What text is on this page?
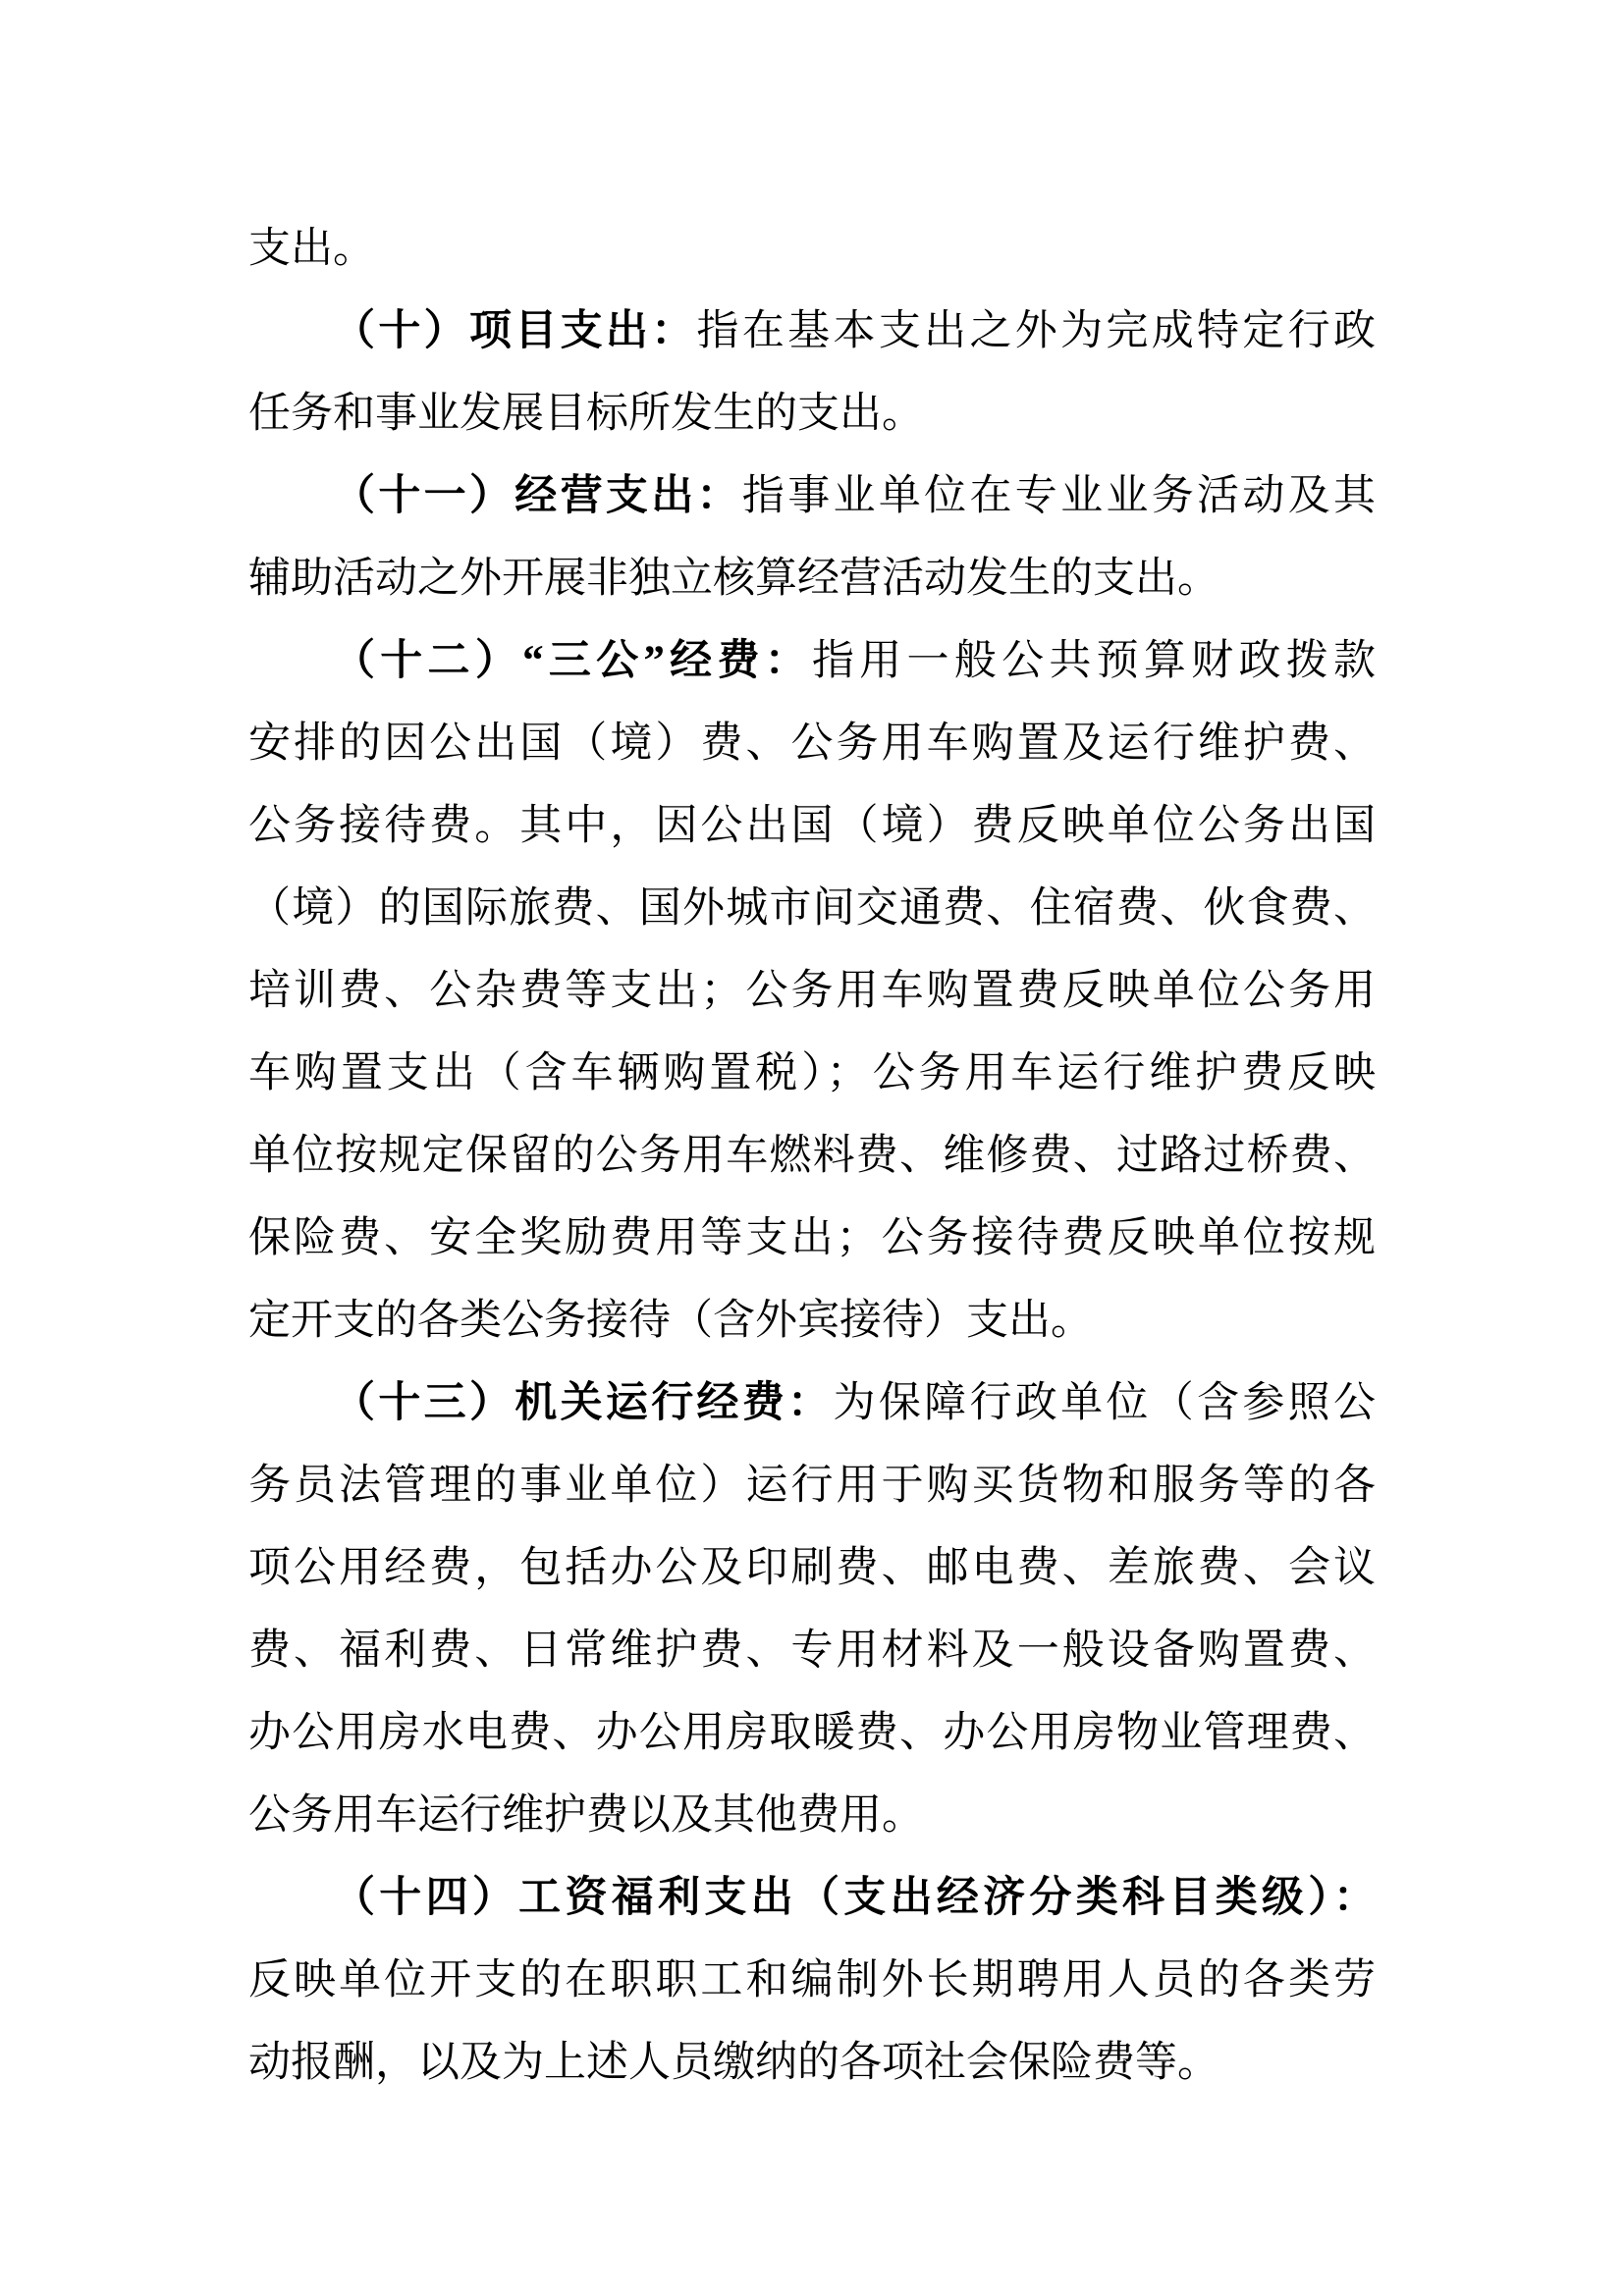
支出。
（十）项目支出：指在基本支出之外为完成特定行政
任务和事业发展目标所发生的支出。
（十一）经营支出：指事业单位在专业业务活动及其
辅助活动之外开展非独立核算经营活动发生的支出。
（十二）“三公”经费：指用一般公共预算财政拨款
安排的因公出国（境）费、公务用车购置及运行维护费、
公务接待费。其中，因公出国（境）费反映单位公务出国
（境）的国际旅费、国外城市间交通费、住宿费、伙食费、
培训费、公杂费等支出；公务用车购置费反映单位公务用
车购置支出（含车辆购置税）；公务用车运行维护费反映
单位按规定保留的公务用车燃料费、维修费、过路过桥费、
保险费、安全奖励费用等支出；公务接待费反映单位按规
定开支的各类公务接待（含外宾接待）支出。
（十三）机关运行经费：为保障行政单位（含参照公
务员法管理的事业单位）运行用于购买货物和服务等的各
项公用经费，包括办公及印刷费、邮电费、差旅费、会议
费、福利费、日常维护费、专用材料及一般设备购置费、
办公用房水电费、办公用房取暖费、办公用房物业管理费、
公务用车运行维护费以及其他费用。
（十四）工资福利支出（支出经济分类科目类级）：
反映单位开支的在职职工和编制外长期聘用人员的各类劳
动报酬，以及为上述人员缴纳的各项社会保险费等。
